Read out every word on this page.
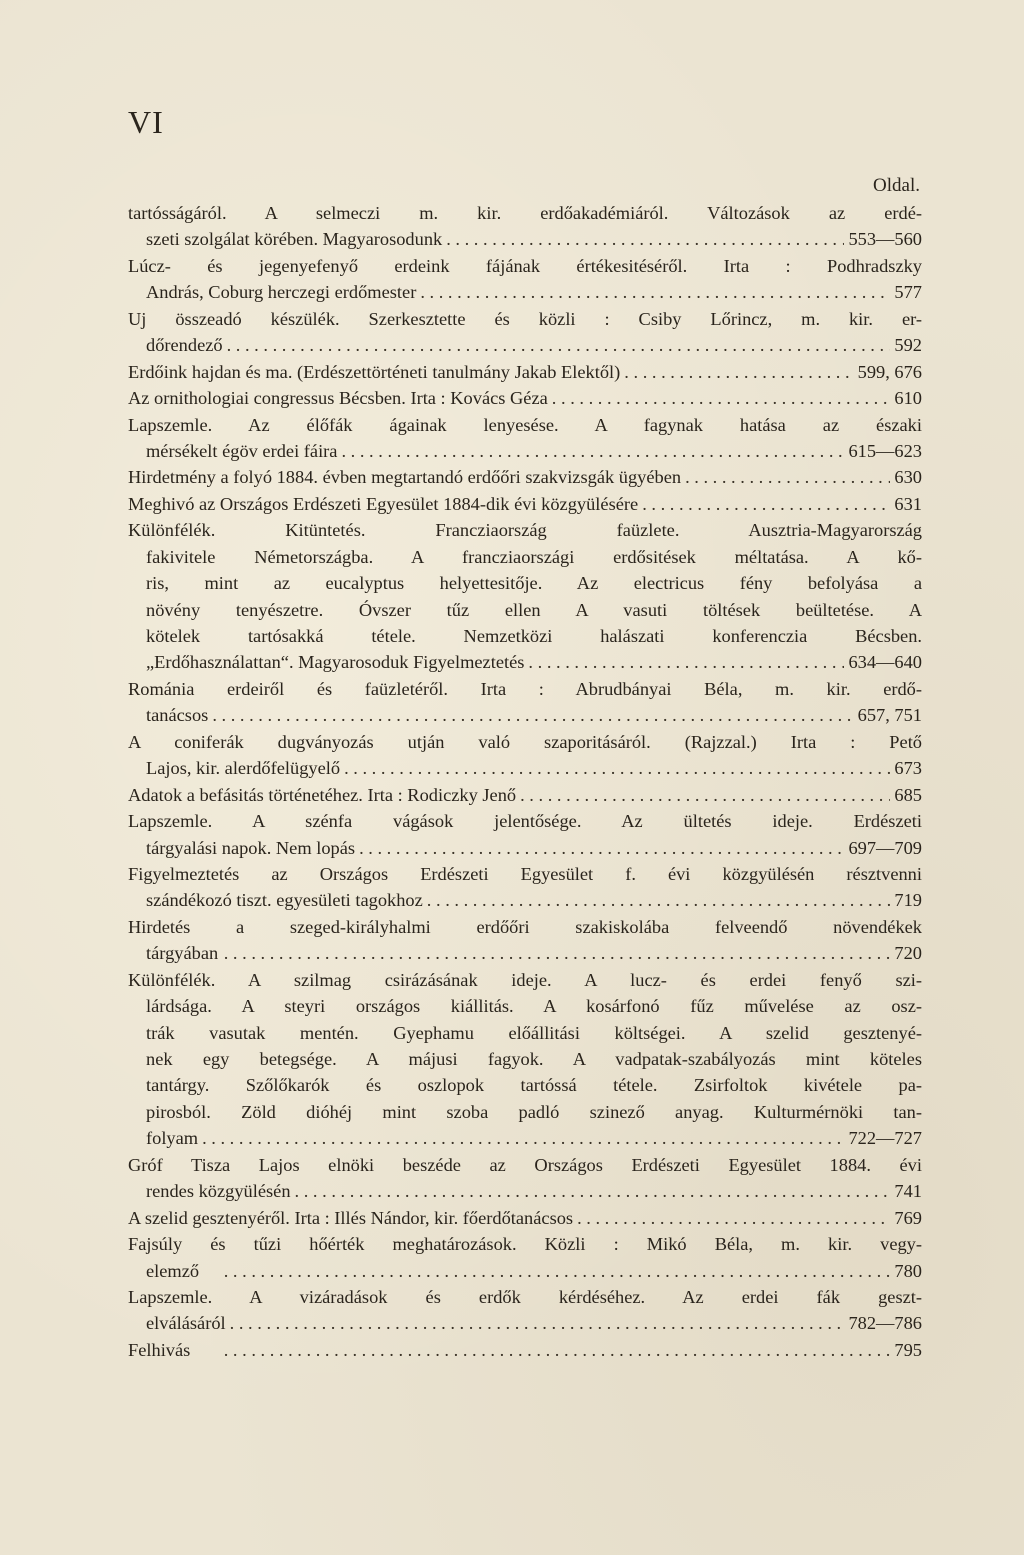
VI
Oldal.
tartósságáról. A selmeczi m. kir. erdőakadémiáról. Változások az erdé-
szeti szolgálat körében. Magyarosodunk . . .	553—560
Lúcz- és jegenyefenyő erdeink fájának értékesitéséről. Irta : Podhradszky
András, Coburg herczegi erdőmester . . .	577
Uj összeadó készülék. Szerkesztette és közli : Csiby Lőrincz, m. kir. er-
dőrendező . . .	592
Erdőink hajdan és ma. (Erdészettörténeti tanulmány Jakab Elektől) . . .	599, 676
Az ornithologiai congressus Bécsben. Irta : Kovács Géza . . .	610
Lapszemle. Az élőfák ágainak lenyesése. A fagynak hatása az északi
mérsékelt égöv erdei fáira . . .	615—623
Hirdetmény a folyó 1884. évben megtartandó erdőőri szakvizsgák ügyében . . .	630
Meghivó az Országos Erdészeti Egyesület 1884-dik évi közgyülésére . . .	631
Különfélék. Kitüntetés. Francziaország faüzlete. Ausztria-Magyarország
fakivitele Németországba. A francziaországi erdősitések méltatása. A kő-
ris, mint az eucalyptus helyettesitője. Az electricus fény befolyása a
növény tenyészetre. Óvszer tűz ellen A vasuti töltések beültetése. A
kötelek tartósakká tétele. Nemzetközi halászati konferenczia Bécsben.
„Erdőhasználattan“. Magyarosoduk Figyelmeztetés . . .	634—640
Románia erdeiről és faüzletéről. Irta : Abrudbányai Béla, m. kir. erdő-
tanácsos . . .	657, 751
A coniferák dugványozás utján való szaporitásáról. (Rajzzal.) Irta : Pető
Lajos, kir. alerdőfelügyelő . . .	673
Adatok a befásitás történetéhez. Irta : Rodiczky Jenő . . .	685
Lapszemle. A szénfa vágások jelentősége. Az ültetés ideje. Erdészeti
tárgyalási napok. Nem lopás . . .	697—709
Figyelmeztetés az Országos Erdészeti Egyesület f. évi közgyülésén résztvenni
szándékozó tiszt. egyesületi tagokhoz . . .	719
Hirdetés a szeged-királyhalmi erdőőri szakiskolába felveendő növendékek
tárgyában . . .	720
Különfélék. A szilmag csirázásának ideje. A lucz- és erdei fenyő szi-
lárdsága. A steyri országos kiállitás. A kosárfonó fűz művelése az osz-
trák vasutak mentén. Gyephamu előállitási költségei. A szelid gesztenyé-
nek egy betegsége. A májusi fagyok. A vadpatak-szabályozás mint köteles
tantárgy. Szőlőkarók és oszlopok tartóssá tétele. Zsirfoltok kivétele pa-
pirosból. Zöld dióhéj mint szoba padló szinező anyag. Kulturmérnöki tan-
folyam . . .	722—727
Gróf Tisza Lajos elnöki beszéde az Országos Erdészeti Egyesület 1884. évi
rendes közgyülésén . . .	741
A szelid gesztenyéről. Irta : Illés Nándor, kir. főerdőtanácsos . . .	769
Fajsúly és tűzi hőérték meghatározások. Közli : Mikó Béla, m. kir. vegy-
elemző . . .	780
Lapszemle. A vizáradások és erdők kérdéséhez. Az erdei fák geszt-
elválásáról . . .	782—786
Felhivás . . .	795
